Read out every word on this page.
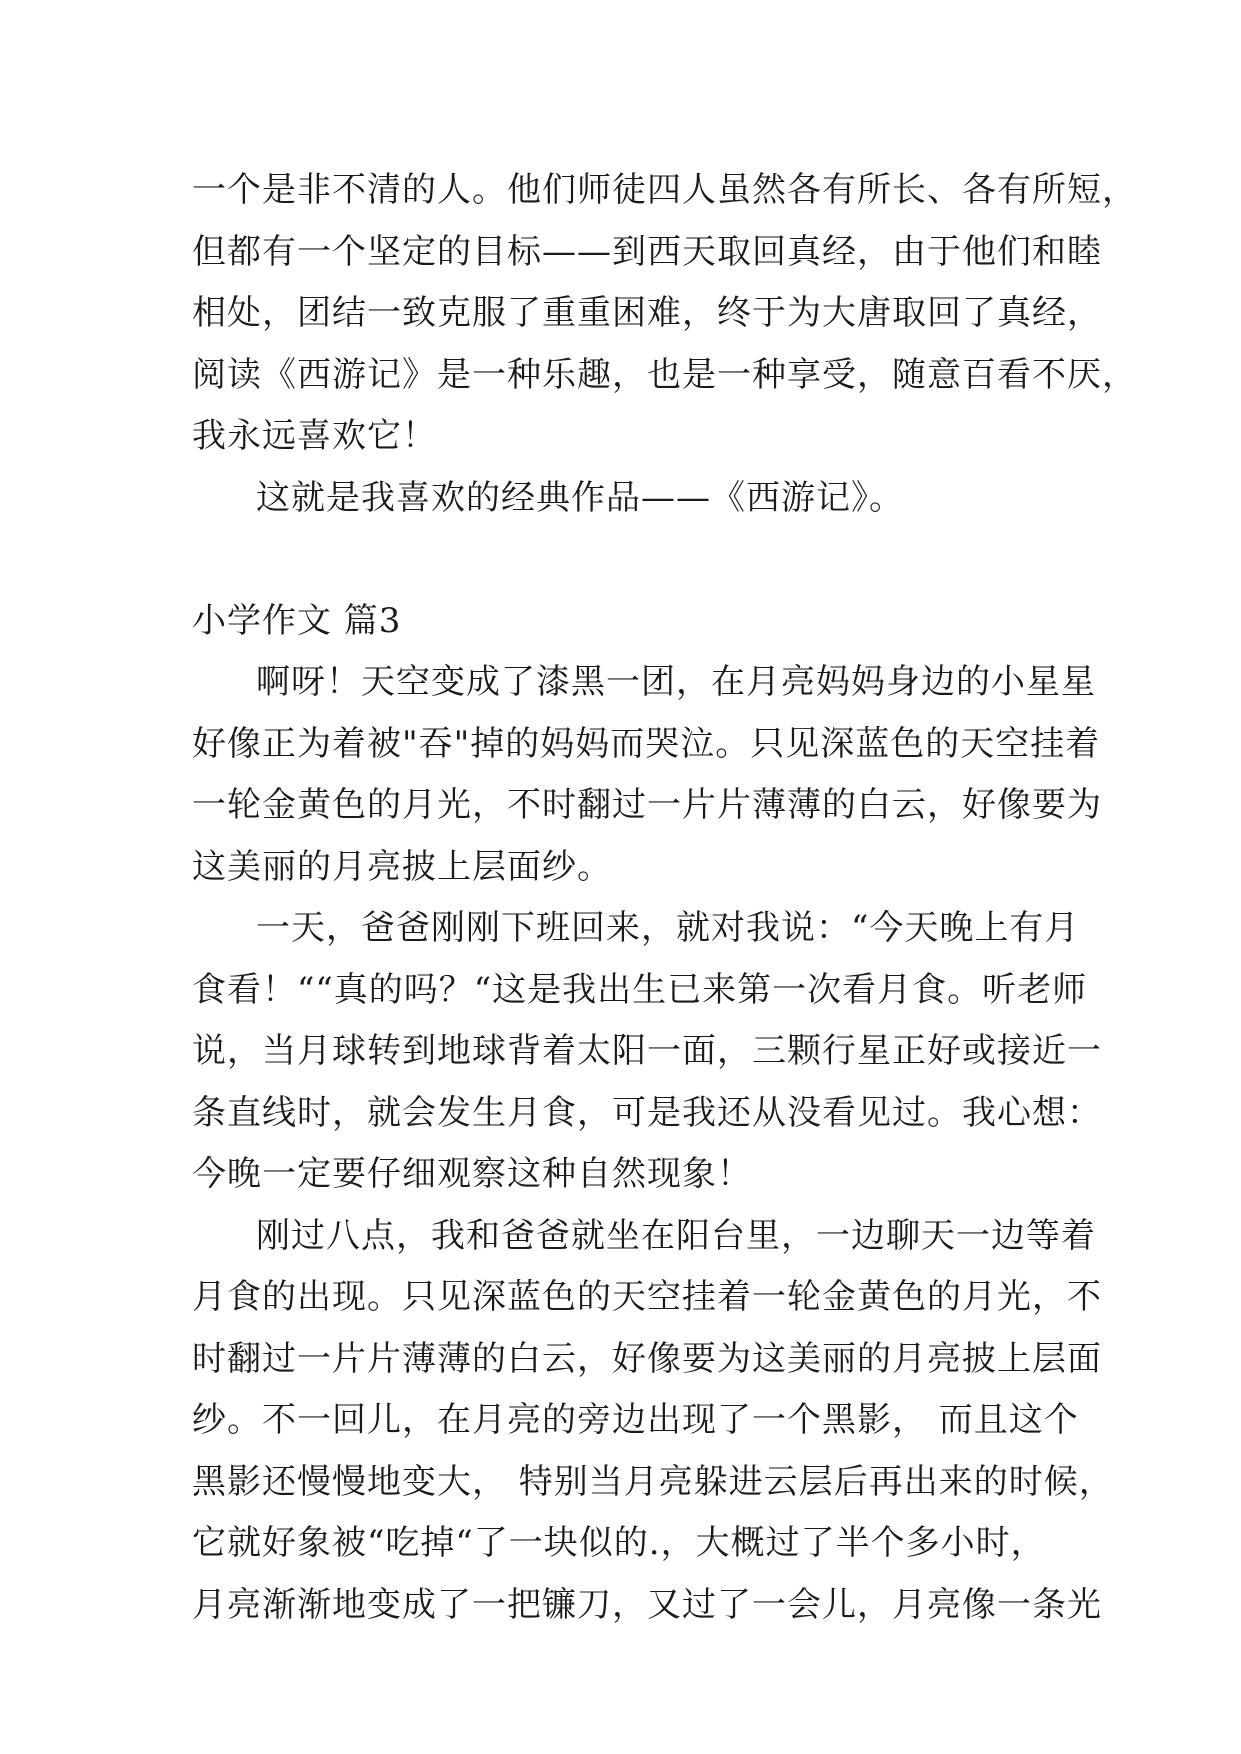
一个是非不清的人。他们师徒四人虽然各有所长、各有所短，
但都有一个坚定的目标——到西天取回真经，由于他们和睦
相处，团结一致克服了重重困难，终于为大唐取回了真经，
阅读《西游记》是一种乐趣，也是一种享受，随意百看不厌，
我永远喜欢它！
这就是我喜欢的经典作品——《西游记》。
小学作文 篇3
啊呀！天空变成了漆黑一团，在月亮妈妈身边的小星星
好像正为着被"吞"掉的妈妈而哭泣。只见深蓝色的天空挂着
一轮金黄色的月光，不时翻过一片片薄薄的白云，好像要为
这美丽的月亮披上层面纱。
一天，爸爸刚刚下班回来，就对我说：“今天晚上有月
食看！““真的吗？“这是我出生已来第一次看月食。听老师
说，当月球转到地球背着太阳一面，三颗行星正好或接近一
条直线时，就会发生月食，可是我还从没看见过。我心想：
今晚一定要仔细观察这种自然现象！
刚过八点，我和爸爸就坐在阳台里，一边聊天一边等着
月食的出现。只见深蓝色的天空挂着一轮金黄色的月光，不
时翻过一片片薄薄的白云，好像要为这美丽的月亮披上层面
纱。不一回儿，在月亮的旁边出现了一个黑影， 而且这个
黑影还慢慢地变大， 特别当月亮躲进云层后再出来的时候，
它就好象被“吃掉“了一块似的.，大概过了半个多小时，
月亮渐渐地变成了一把镰刀，又过了一会儿，月亮像一条光
